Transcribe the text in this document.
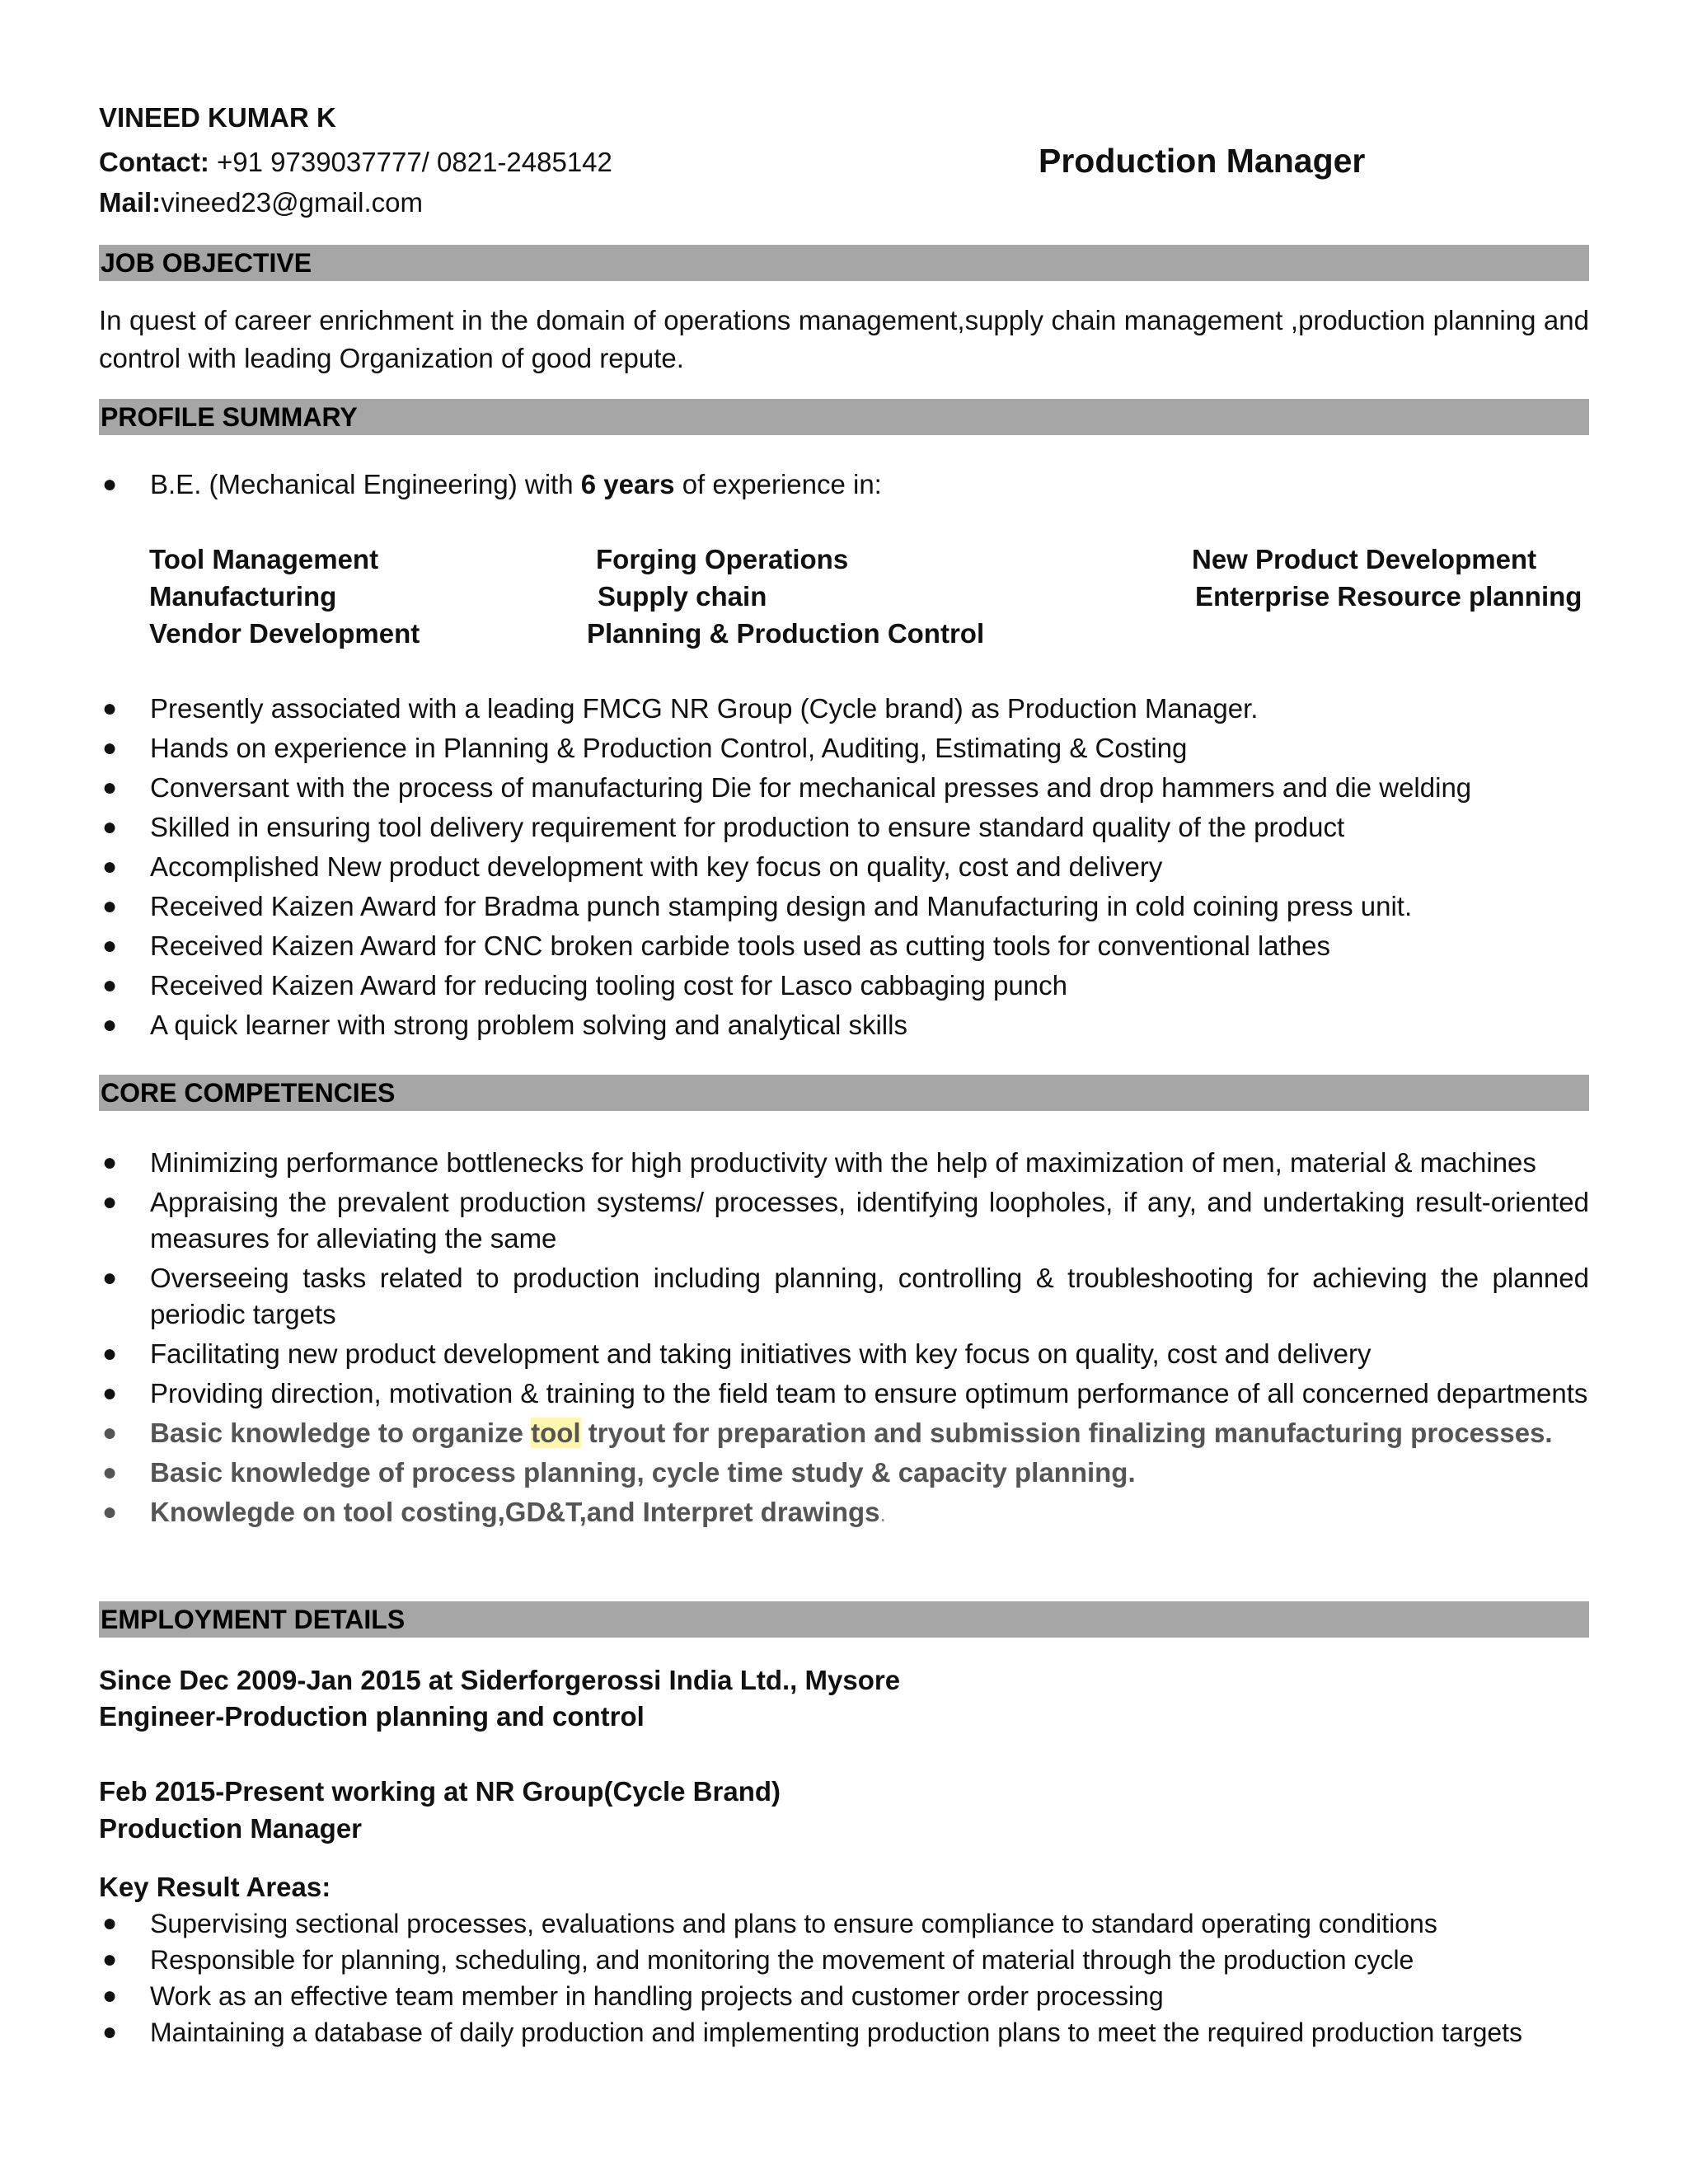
VINEED KUMAR K
Contact: +91 9739037777/ 0821-2485142
Mail:vineed23@gmail.com
Production Manager
JOB OBJECTIVE
In quest of career enrichment in the domain of operations management,supply chain management ,production planning and control with leading Organization of good repute.
PROFILE SUMMARY
● B.E. (Mechanical Engineering) with 6 years of experience in:
Tool Management
Manufacturing
Vendor Development
Forging Operations
Supply chain
Planning & Production Control
New Product Development
Enterprise Resource planning
● Presently associated with a leading FMCG NR Group (Cycle brand) as Production Manager.
● Hands on experience in Planning & Production Control, Auditing, Estimating & Costing
● Conversant with the process of manufacturing Die for mechanical presses and drop hammers and die welding
● Skilled in ensuring tool delivery requirement for production to ensure standard quality of the product
● Accomplished New product development with key focus on quality, cost and delivery
● Received Kaizen Award for Bradma punch stamping design and Manufacturing in cold coining press unit.
● Received Kaizen Award for CNC broken carbide tools used as cutting tools for conventional lathes
● Received Kaizen Award for reducing tooling cost for Lasco cabbaging punch
● A quick learner with strong problem solving and analytical skills
CORE COMPETENCIES
● Minimizing performance bottlenecks for high productivity with the help of maximization of men, material & machines
● Appraising the prevalent production systems/ processes, identifying loopholes, if any, and undertaking result-oriented measures for alleviating the same
● Overseeing tasks related to production including planning, controlling & troubleshooting for achieving the planned periodic targets
● Facilitating new product development and taking initiatives with key focus on quality, cost and delivery
● Providing direction, motivation & training to the field team to ensure optimum performance of all concerned departments
● Basic knowledge to organize tool tryout for preparation and submission finalizing manufacturing processes.
● Basic knowledge of process planning, cycle time study & capacity planning.
● Knowlegde on tool costing,GD&T,and Interpret drawings.
EMPLOYMENT DETAILS
Since Dec 2009-Jan 2015 at Siderforgerossi India Ltd., Mysore
Engineer-Production planning and control
Feb 2015-Present working at NR Group(Cycle Brand)
Production Manager
Key Result Areas:
● Supervising sectional processes, evaluations and plans to ensure compliance to standard operating conditions
● Responsible for planning, scheduling, and monitoring the movement of material through the production cycle
● Work as an effective team member in handling projects and customer order processing
● Maintaining a database of daily production and implementing production plans to meet the required production targets
